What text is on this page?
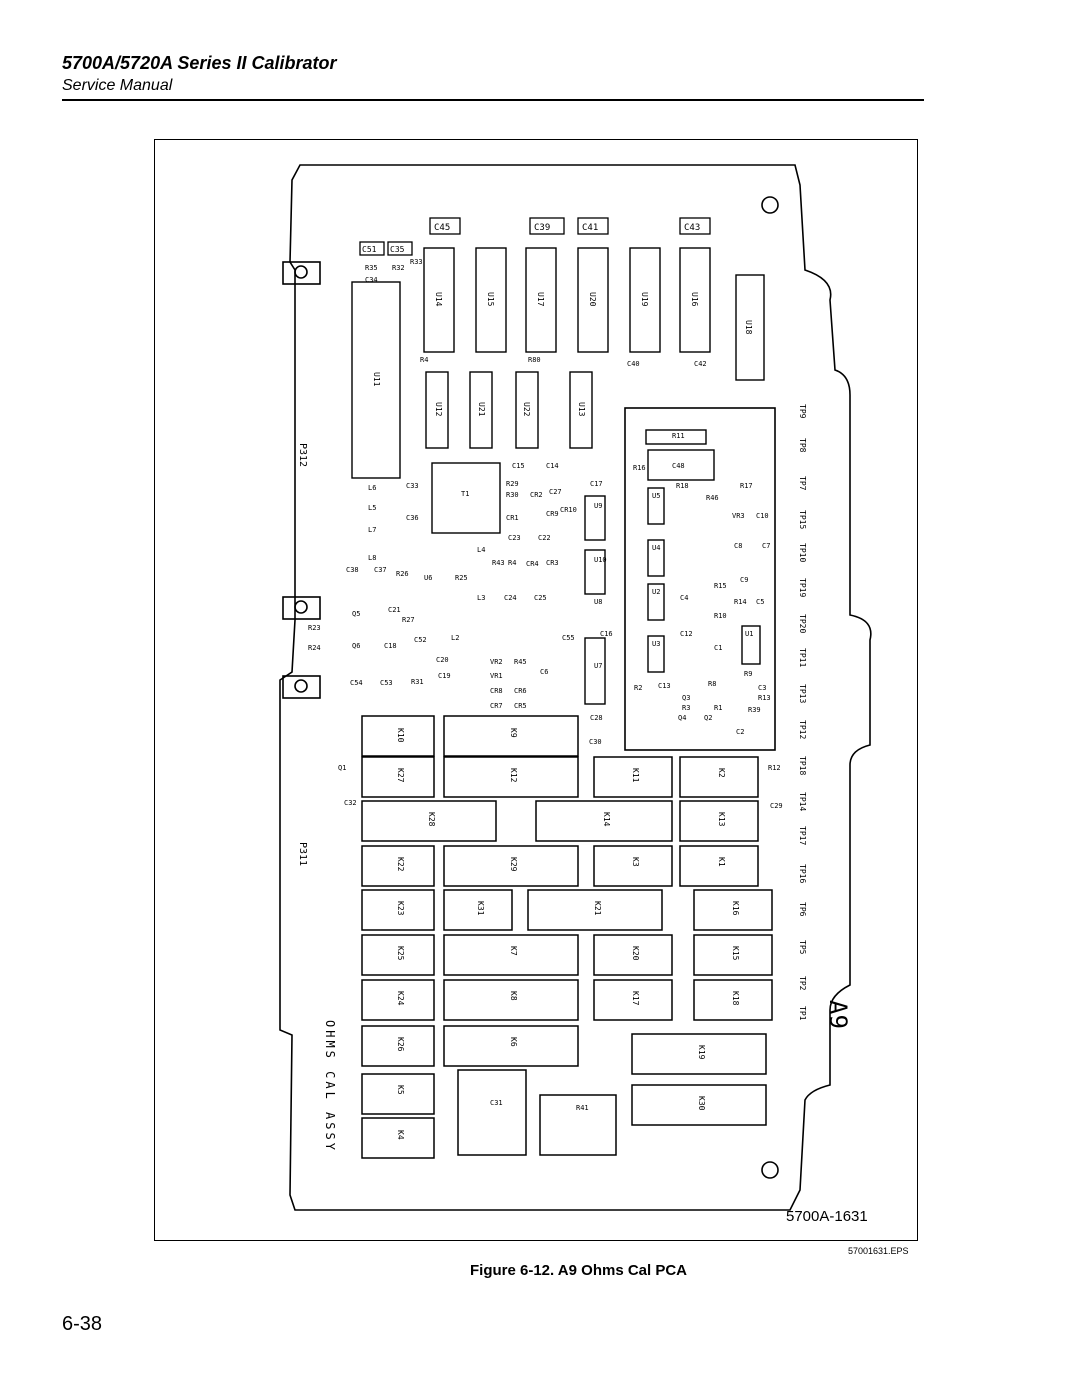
5700A/5720A Series II Calibrator
Service Manual
P312
P311
TP9
TP8
TP7
TP15
TP10
TP19
TP20
TP11
TP13
TP12
TP18
TP14
TP17
TP16
TP6
TP5
TP2
TP1
C45	C39	C41	C43
C51 C35
U14	U15	U17	U20	U19	U16
U18
U11
U12	U21	U22	U13
K10	K9
K27	K12	K11	K2
K28	K14	K13
K22	K29	K3	K1
K23	K31	K21	K16
K25	K7	K20	K15
K24	K8	K17	K18
K26	K6
K19
K5
K30
K4
R35 R32
R33
C34
R4	R80	C40	C42
R11
C48
R16
C15	C14
C28
C27
C17
R29
R30 CR2
CR1	CR9 CR10
T1
U9
U5
U4
U2
U3
U1
U10
U8
U6
U7
L6
L5
L7
L8
C33
C36
C38 C37 R26	R25
L4
L3
C23 C22
CR3
CR4
R4
R43
C24 C25
C21
R27
Q5
Q6
R23
R24	C18
C52
C20
C19
L2	C55	C16
VR2
VR1
R45
C6
CR8 CR6
CR7 CR5
C54 C53	R31
R18
R46
R17
VR3 C10
C8	C7
C9
R15
R10
R14 C5
C4
C12
C1
R9
C3
R13
R8
C13
Q4	Q2
Q3
R3	R1
R2
R39
C2
C30
C29
R12
Q1
C32
C31
R41
OHMS CAL ASSY
A9
5700A-1631
57001631.EPS
Figure 6-12. A9 Ohms Cal PCA
6-38
